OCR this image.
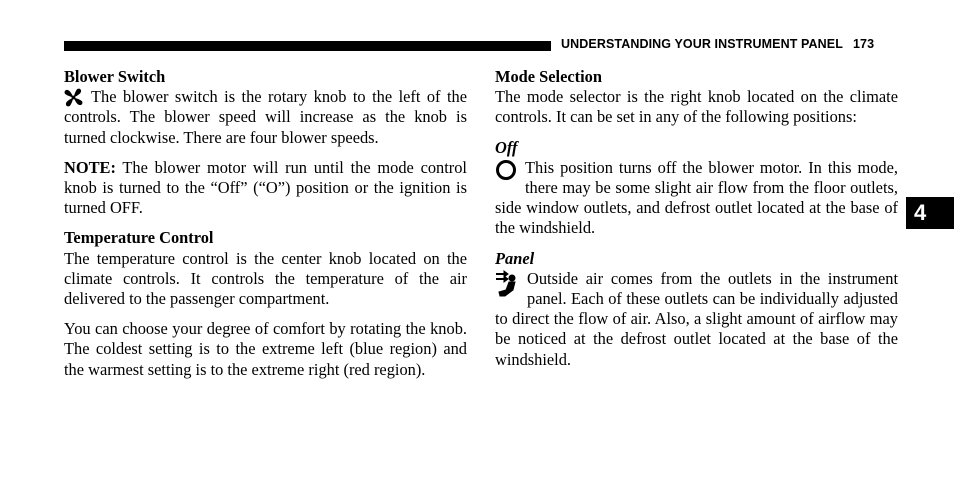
UNDERSTANDING YOUR INSTRUMENT PANEL 173

Blower Switch

The blower switch is the rotary knob to the left of the controls. The blower speed will increase as the knob is turned clockwise. There are four blower speeds.

NOTE: The blower motor will run until the mode control knob is turned to the “Off” (“O”) position or the ignition is turned OFF.

Temperature Control

The temperature control is the center knob located on the climate controls. It controls the temperature of the air delivered to the passenger compartment.

You can choose your degree of comfort by rotating the knob. The coldest setting is to the extreme left (blue region) and the warmest setting is to the extreme right (red region).

Mode Selection

The mode selector is the right knob located on the climate controls. It can be set in any of the following positions:

Off

This position turns off the blower motor. In this mode, there may be some slight air flow from the floor outlets, side window outlets, and defrost outlet located at the base of the windshield.

Panel

Outside air comes from the outlets in the instrument panel. Each of these outlets can be individually adjusted to direct the flow of air. Also, a slight amount of airflow may be noticed at the defrost outlet located at the base of the windshield.

4
